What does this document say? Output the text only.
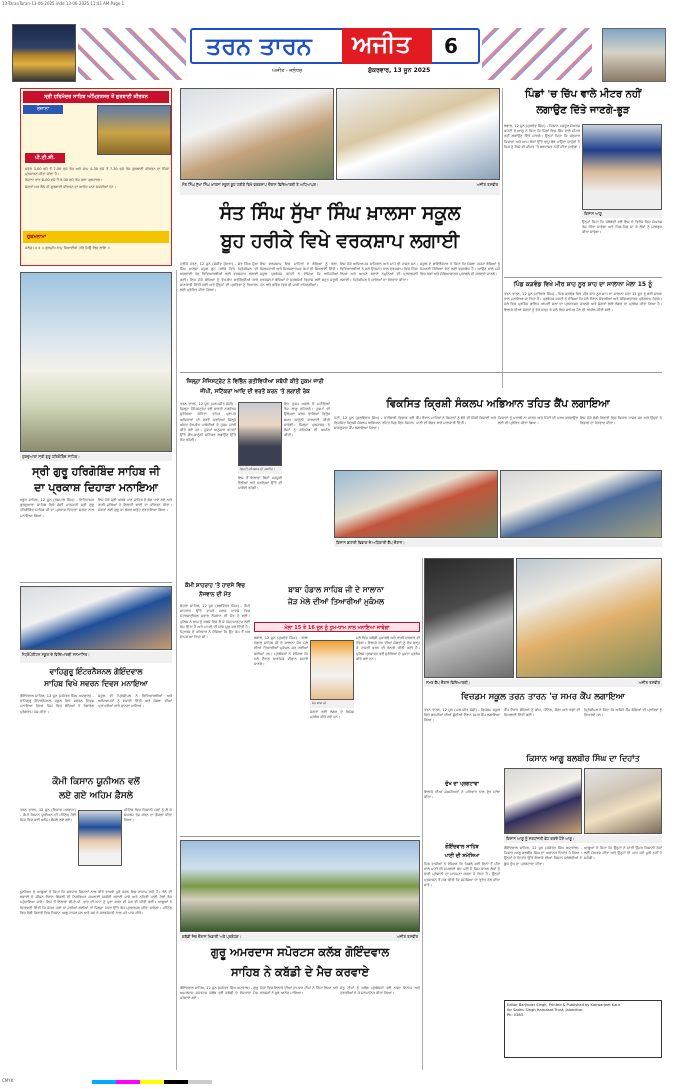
13-TaranTaran-13-06-2025.indd 13-06-2025 11:41 AM Page 1
ਤਰਨ ਤਾਰਨ ਅਜੀਤ 6
ਅਜੀਤ - ਜਲੰਧਰ	ਸ਼ੁੱਕਰਵਾਰ, 13 ਜੂਨ 2025
ਸ੍ਰੀ ਹਰਿਮੰਦਰ ਸਾਹਿਬ ਅੰਮ੍ਰਿਤਸਰ ਤੋਂ ਗੁਰਬਾਣੀ ਕੀਰਤਨ
ਰੋਜ਼ਾਨਾ
ਪੀ.ਟੀ.ਸੀ.

ਸਵੇਰੇ 3.00 ਵਜੇ ਤੋਂ 7.00 ਵਜੇ ਤੱਕ ਅਤੇ ਸ਼ਾਮ 4.30 ਵਜੇ ਤੋਂ 7.30 ਵਜੇ ਤੱਕ ਗੁਰਬਾਣੀ ਕੀਰਤਨ ਦਾ ਸਿੱਧਾ ਪ੍ਰਸਾਰਣ ਕੀਤਾ ਜਾਂਦਾ ਹੈ।

ਰੋਜ਼ਾਨਾ ਰਾਤ 8.00 ਵਜੇ ਤੋਂ 9.00 ਵਜੇ ਤੱਕ ਕਥਾ ਪ੍ਰਸਾਰਣ।

ਸੰਗਤਾਂ ਘਰ ਬੈਠੇ ਹੀ ਗੁਰਬਾਣੀ ਕੀਰਤਨ ਦਾ ਆਨੰਦ ਮਾਣ ਸਕਦੀਆਂ ਹਨ।

ਹੁਕਮਨਾਮਾ

ਸਲੋਕੁ ਮਃ ੩ ॥ ਗੁਰਮੁਖਿ ਨਾਮੁ ਧਿਆਈਐ ਹਰਿ ਸਿਉ ਲਿਵ ਲਾਇ ॥

ਸੰਤ ਸਿੰਘ ਸੁੱਖਾ ਸਿੰਘ ਖ਼ਾਲਸਾ ਸਕੂਲ ਬੂਹ ਹਰੀਕੇ ਵਿਖੇ ਵਰਕਸ਼ਾਪ ਦੌਰਾਨ ਵਿਦਿਆਰਥੀ ਤੇ ਅਧਿਆਪਕ।	ਅਜੀਤ ਤਸਵੀਰ
ਸੰਤ ਸਿੰਘ ਸੁੱਖਾ ਸਿੰਘ ਖ਼ਾਲਸਾ ਸਕੂਲ
ਬੂਹ ਹਰੀਕੇ ਵਿਖੇ ਵਰਕਸ਼ਾਪ ਲਗਾਈ

ਹਰੀਕੇ ਪੱਤਣ, 12 ਜੂਨ (ਸੰਜੀਵ ਕੁੰਦਰਾ) - ਸੰਤ ਸਿੰਘ ਸੁੱਖਾ ਸਿੰਘ ਖ਼ਾਲਸਾ ਸਕੂਲ ਬੂਹ ਹਰੀਕੇ ਵਿਖੇ ਪ੍ਰਿੰਸੀਪਲ ਦੀ ਅਗਵਾਈ ਹੇਠ ਵਿਦਿਆਰਥੀਆਂ ਲਈ ਵਰਕਸ਼ਾਪ ਲਗਾਈ ਗਈ। ਇਸ ਮੌਕੇ ਬੱਚਿਆਂ ਨੂੰ ਵੱਖ-ਵੱਖ ਗਤੀਵਿਧੀਆਂ ਬਾਰੇ ਜਾਣਕਾਰੀ ਦਿੱਤੀ ਗਈ ਅਤੇ ਉਨ੍ਹਾਂ ਦੀ ਪ੍ਰਤਿਭਾ ਨੂੰ ਨਿਖਾਰਨ ਲਈ ਪ੍ਰੇਰਿਤ ਕੀਤਾ ਗਿਆ।

ਇਸ ਵਰਕਸ਼ਾਪ ਵਿਚ ਮਾਹਿਰਾਂ ਨੇ ਬੱਚਿਆਂ ਨੂੰ ਕਲਾ, ਸ਼ਿਲਪਕਾਰੀ ਅਤੇ ਸਿਰਜਣਾਤਮਕ ਕੰਮਾਂ ਦੀ ਸਿਖਲਾਈ ਦਿੱਤੀ। ਸਕੂਲ ਪ੍ਰਬੰਧਕ ਕਮੇਟੀ ਨੇ ਦੱਸਿਆ ਕਿ ਅਜਿਹੀਆਂ ਵਰਕਸ਼ਾਪਾਂ ਬੱਚਿਆਂ ਦੇ ਸਰਬਪੱਖੀ ਵਿਕਾਸ ਲਈ ਬਹੁਤ ਜ਼ਰੂਰੀ ਹਨ ਅਤੇ ਭਵਿੱਖ ਵਿਚ ਵੀ ਜਾਰੀ ਰਹਿਣਗੀਆਂ।

ਇਸ ਮੌਕੇ ਅਧਿਆਪਕ ਸਾਹਿਬਾਨ ਅਤੇ ਮਾਪੇ ਵੀ ਹਾਜ਼ਰ ਸਨ। ਵਿਦਿਆਰਥੀਆਂ ਨੇ ਬੜੇ ਉਤਸ਼ਾਹ ਨਾਲ ਵਰਕਸ਼ਾਪ ਵਿਚ ਹਿੱਸਾ ਲਿਆ ਅਤੇ ਆਪਣੇ ਬਣਾਏ ਨਮੂਨਿਆਂ ਦੀ ਪ੍ਰਦਰਸ਼ਨੀ ਲਗਾਈ। ਪ੍ਰਿੰਸੀਪਲ ਨੇ ਸਾਰਿਆਂ ਦਾ ਧੰਨਵਾਦ ਕੀਤਾ।

ਸਕੂਲ ਦੇ ਡਾਇਰੈਕਟਰ ਨੇ ਕਿਹਾ ਕਿ ਸੰਸਥਾ ਹਮੇਸ਼ਾ ਬੱਚਿਆਂ ਨੂੰ ਮਿਆਰੀ ਸਿੱਖਿਆ ਦੇਣ ਲਈ ਵਚਨਬੱਧ ਹੈ। ਆਉਣ ਵਾਲੇ ਸਮੇਂ ਵਿਚ ਖੇਡਾਂ ਅਤੇ ਸੱਭਿਆਚਾਰਕ ਮੁਕਾਬਲੇ ਵੀ ਕਰਵਾਏ ਜਾਣਗੇ।

ਪਿੰਡਾਂ 'ਚ ਚਿੱਪ ਵਾਲੇ ਮੀਟਰ ਨਹੀਂ
ਲਗਾਉਣ ਦਿੱਤੇ ਜਾਣਗੇ-ਭੂੜ

ਝਬਾਲ, 12 ਜੂਨ (ਸੁਖਦੇਵ ਸਿੰਘ) - ਕਿਸਾਨ ਮਜ਼ਦੂਰ ਸੰਘਰਸ਼ ਕਮੇਟੀ ਦੇ ਆਗੂ ਨੇ ਕਿਹਾ ਕਿ ਪਿੰਡਾਂ ਵਿਚ ਚਿੱਪ ਵਾਲੇ ਮੀਟਰ ਨਹੀਂ ਲਗਾਉਣ ਦਿੱਤੇ ਜਾਣਗੇ। ਉਨ੍ਹਾਂ ਕਿਹਾ ਕਿ ਸਰਕਾਰ ਕਿਸਾਨਾਂ ਅਤੇ ਆਮ ਲੋਕਾਂ ਉੱਤੇ ਵਾਧੂ ਬੋਝ ਪਾਉਣਾ ਚਾਹੁੰਦੀ ਹੈ ਜਿਸ ਨੂੰ ਕਿਸੇ ਵੀ ਕੀਮਤ 'ਤੇ ਬਰਦਾਸ਼ਤ ਨਹੀਂ ਕੀਤਾ ਜਾਵੇਗਾ।

ਕਿਸਾਨ ਆਗੂ

ਉਨ੍ਹਾਂ ਕਿਹਾ ਕਿ ਜਥੇਬੰਦੀ ਵਲੋਂ ਇਸ ਦੇ ਵਿਰੋਧ ਵਿਚ ਸੰਘਰਸ਼ ਤੇਜ਼ ਕੀਤਾ ਜਾਵੇਗਾ ਅਤੇ ਪਿੰਡ-ਪਿੰਡ ਜਾ ਕੇ ਲੋਕਾਂ ਨੂੰ ਜਾਗਰੂਕ ਕੀਤਾ ਜਾਵੇਗਾ।

ਪਿੰਡ ਕੜਵੰਡ ਵਿਖੇ ਮੀਰ ਸ਼ਾਹ ਨੂਰ ਸ਼ਾਹ ਦਾ ਸਾਲਾਨਾ ਮੇਲਾ 15 ਨੂੰ

ਤਰਨ ਤਾਰਨ, 12 ਜੂਨ (ਹਰਿੰਦਰ ਸਿੰਘ) - ਪਿੰਡ ਕੜਵੰਡ ਵਿਖੇ ਮੀਰ ਸ਼ਾਹ ਨੂਰ ਸ਼ਾਹ ਦਾ ਸਾਲਾਨਾ ਮੇਲਾ 15 ਜੂਨ ਨੂੰ ਬੜੀ ਸ਼ਰਧਾ ਨਾਲ ਮਨਾਇਆ ਜਾ ਰਿਹਾ ਹੈ। ਪ੍ਰਬੰਧਕ ਕਮੇਟੀ ਨੇ ਦੱਸਿਆ ਕਿ ਮੇਲੇ ਦੌਰਾਨ ਕੱਵਾਲੀਆਂ ਅਤੇ ਸੱਭਿਆਚਾਰਕ ਪ੍ਰੋਗਰਾਮ ਹੋਣਗੇ। ਮੇਲੇ ਵਿਚ ਪ੍ਰਸਿੱਧ ਗਾਇਕ ਆਪਣੀ ਕਲਾ ਦਾ ਪ੍ਰਦਰਸ਼ਨ ਕਰਨਗੇ ਅਤੇ ਸੰਗਤਾਂ ਲਈ ਲੰਗਰ ਦਾ ਪ੍ਰਬੰਧ ਕੀਤਾ ਗਿਆ ਹੈ। ਇਲਾਕੇ ਦੀਆਂ ਸੰਗਤਾਂ ਨੂੰ ਵੱਧ ਚੜ੍ਹ ਕੇ ਮੇਲੇ ਵਿਚ ਸ਼ਾਮਿਲ ਹੋਣ ਦੀ ਅਪੀਲ ਕੀਤੀ ਗਈ।

ਗੁਰਦੁਆਰਾ ਸ੍ਰੀ ਗੁਰੂ ਹਰਿਗੋਬਿੰਦ ਸਾਹਿਬ।
ਸ੍ਰੀ ਗੁਰੂ ਹਰਿਗੋਬਿੰਦ ਸਾਹਿਬ ਜੀ
ਦਾ ਪ੍ਰਕਾਸ਼ ਦਿਹਾੜਾ ਮਨਾਇਆ

ਖਡੂਰ ਸਾਹਿਬ, 12 ਜੂਨ (ਰਸ਼ਪਾਲ ਸਿੰਘ) - ਇਤਿਹਾਸਕ ਗੁਰਦੁਆਰਾ ਸਾਹਿਬ ਵਿਖੇ ਛੇਵੀਂ ਪਾਤਸ਼ਾਹੀ ਸ੍ਰੀ ਗੁਰੂ ਹਰਿਗੋਬਿੰਦ ਸਾਹਿਬ ਜੀ ਦਾ ਪ੍ਰਕਾਸ਼ ਦਿਹਾੜਾ ਸ਼ਰਧਾ ਨਾਲ ਮਨਾਇਆ ਗਿਆ।

ਇਸ ਮੌਕੇ ਸ੍ਰੀ ਅਖੰਡ ਪਾਠ ਸਾਹਿਬ ਦੇ ਭੋਗ ਪਾਏ ਗਏ ਅਤੇ ਰਾਗੀ ਜਥਿਆਂ ਨੇ ਇਲਾਹੀ ਬਾਣੀ ਦਾ ਕੀਰਤਨ ਕੀਤਾ। ਸੰਗਤਾਂ ਲਈ ਗੁਰੂ ਕਾ ਲੰਗਰ ਅਤੁੱਟ ਵਰਤਾਇਆ ਗਿਆ।

ਜ਼ਿਲ੍ਹਾ ਮੈਜਿਸਟ੍ਰੇਟ ਨੇ ਵਿਭਿੰਨ ਗਤੀਵਿਧੀਆਂ ਸਬੰਧੀ ਕੀਤੇ ਹੁਕਮ ਜਾਰੀ
ਜੀਪੀ, ਸਟਿੱਕਰਾਂ ਆਦਿ ਦੀ ਵਰਤੋਂ ਕਰਨ 'ਤੇ ਲਗਾਈ ਰੋਕ

ਤਰਨ ਤਾਰਨ, 12 ਜੂਨ (ਪਰਮਜੀਤ ਜੋਸ਼ੀ) - ਜ਼ਿਲ੍ਹਾ ਮੈਜਿਸਟ੍ਰੇਟ ਵਲੋਂ ਭਾਰਤੀ ਨਾਗਰਿਕ ਸੁਰੱਖਿਆ ਸੰਹਿਤਾ ਤਹਿਤ ਪ੍ਰਾਪਤ ਅਧਿਕਾਰਾਂ ਦੀ ਵਰਤੋਂ ਕਰਦਿਆਂ ਜ਼ਿਲ੍ਹੇ ਅੰਦਰ ਵੱਖ-ਵੱਖ ਪਾਬੰਦੀਆਂ ਦੇ ਹੁਕਮ ਜਾਰੀ ਕੀਤੇ ਗਏ ਹਨ। ਹੁਕਮਾਂ ਅਨੁਸਾਰ ਵਾਹਨਾਂ ਉੱਤੇ ਗ਼ੈਰ-ਕਾਨੂੰਨੀ ਸਟਿੱਕਰ ਲਗਾਉਣ ਉੱਤੇ ਰੋਕ ਰਹੇਗੀ।

ਡਿਪਟੀ ਕਮਿਸ਼ਨਰ ਦੀ ਤਸਵੀਰ।

ਇਸ ਤੋਂ ਇਲਾਵਾ ਬਿਨਾਂ ਮਨਜ਼ੂਰੀ ਰੈਲੀਆਂ ਅਤੇ ਧਰਨਿਆਂ ਉੱਤੇ ਵੀ ਪਾਬੰਦੀ ਰਹੇਗੀ।

ਇਹ ਹੁਕਮ ਅਗਲੇ ਦੋ ਮਹੀਨਿਆਂ ਤੱਕ ਲਾਗੂ ਰਹਿਣਗੇ। ਹੁਕਮਾਂ ਦੀ ਉਲੰਘਣਾ ਕਰਨ ਵਾਲਿਆਂ ਵਿਰੁੱਧ ਸਖ਼ਤ ਕਾਨੂੰਨੀ ਕਾਰਵਾਈ ਕੀਤੀ ਜਾਵੇਗੀ। ਜ਼ਿਲ੍ਹਾ ਪ੍ਰਸ਼ਾਸਨ ਨੇ ਲੋਕਾਂ ਨੂੰ ਸਹਿਯੋਗ ਦੀ ਅਪੀਲ ਕੀਤੀ।

ਵਿਕਸਿਤ ਕ੍ਰਿਸ਼ੀ ਸੰਕਲਪ ਅਭਿਆਨ ਤਹਿਤ ਕੈਂਪ ਲਗਾਇਆ

ਪੱਟੀ, 12 ਜੂਨ (ਕੁਲਵਿੰਦਰ ਸਿੰਘ) - ਖੇਤੀਬਾੜੀ ਵਿਭਾਗ ਵਲੋਂ ਵਿਕਸਿਤ ਕ੍ਰਿਸ਼ੀ ਸੰਕਲਪ ਅਭਿਆਨ ਤਹਿਤ ਪਿੰਡ ਵਿਖੇ ਕਿਸਾਨ ਜਾਗਰੂਕਤਾ ਕੈਂਪ ਲਗਾਇਆ ਗਿਆ।

ਕੈਂਪ ਦੌਰਾਨ ਮਾਹਿਰਾਂ ਨੇ ਕਿਸਾਨਾਂ ਨੂੰ ਝੋਨੇ ਦੀ ਸਿੱਧੀ ਬਿਜਾਈ ਅਤੇ ਪਾਣੀ ਦੀ ਬੱਚਤ ਬਾਰੇ ਜਾਣਕਾਰੀ ਦਿੱਤੀ।

ਕਿਸਾਨਾਂ ਨੂੰ ਪਰਾਲੀ ਨਾ ਸਾੜਨ ਅਤੇ ਮਿੱਟੀ ਦੀ ਪਰਖ ਕਰਵਾਉਣ ਲਈ ਵੀ ਪ੍ਰੇਰਿਤ ਕੀਤਾ ਗਿਆ।

ਇਸ ਮੌਕੇ ਵੱਡੀ ਗਿਣਤੀ ਵਿਚ ਕਿਸਾਨ ਹਾਜ਼ਰ ਸਨ ਅਤੇ ਉਨ੍ਹਾਂ ਨੇ ਵਿਭਾਗ ਦਾ ਧੰਨਵਾਦ ਕੀਤਾ।

ਕਿਸਾਨ ਭਲਾਈ ਵਿਭਾਗ ਦੇ ਅਧਿਕਾਰੀ ਕੈਂਪ ਦੌਰਾਨ।
ਮੈਟ੍ਰੋਪੋਲੀਟਨ ਸਕੂਲ ਦੇ ਵਿਦਿਆਰਥੀ ਸਨਮਾਨਿਤ।
ਵਾਹਿਗੁਰੂ ਇੰਟਰਨੈਸ਼ਨਲ ਗੋਇੰਦਵਾਲ
ਸਾਹਿਬ ਵਿਖੇ ਸਵਰਨ ਦਿਵਸ ਮਨਾਇਆ

ਗੋਇੰਦਵਾਲ ਸਾਹਿਬ, 12 ਜੂਨ (ਸਕੱਤਰ ਸਿੰਘ ਅਟਵਾਲ) - ਵਾਹਿਗੁਰੂ ਇੰਟਰਨੈਸ਼ਨਲ ਸਕੂਲ ਵਿਖੇ ਸਵਰਨ ਦਿਵਸ ਮਨਾਇਆ ਗਿਆ ਜਿਸ ਵਿਚ ਬੱਚਿਆਂ ਨੇ ਰੰਗਾਰੰਗ ਪ੍ਰੋਗਰਾਮ ਪੇਸ਼ ਕੀਤਾ।

ਸਕੂਲ ਦੀ ਪ੍ਰਿੰਸੀਪਲ ਨੇ ਵਿਦਿਆਰਥੀਆਂ ਅਤੇ ਅਧਿਆਪਕਾਂ ਨੂੰ ਵਧਾਈ ਦਿੱਤੀ ਅਤੇ ਸੰਸਥਾ ਦੀਆਂ ਪ੍ਰਾਪਤੀਆਂ ਬਾਰੇ ਚਾਨਣਾ ਪਾਇਆ।

ਕੌਮੀ ਸ਼ਾਹਰਾਹ 'ਤੇ ਹਾਦਸੇ ਵਿਚ
ਨੌਜਵਾਨ ਦੀ ਮੌਤ

ਚੋਹਲਾ ਸਾਹਿਬ, 12 ਜੂਨ (ਬਲਵਿੰਦਰ ਸਿੰਘ) - ਕੌਮੀ ਸ਼ਾਹਰਾਹ ਉੱਤੇ ਵਾਪਰੇ ਸੜਕ ਹਾਦਸੇ ਵਿਚ ਮੋਟਰਸਾਈਕਲ ਸਵਾਰ ਨੌਜਵਾਨ ਦੀ ਮੌਤ ਹੋ ਗਈ। ਪੁਲਿਸ ਨੇ ਲਾਸ਼ ਨੂੰ ਕਬਜ਼ੇ ਵਿਚ ਲੈ ਕੇ ਪੋਸਟਮਾਰਟਮ ਲਈ ਭੇਜ ਦਿੱਤਾ ਹੈ ਅਤੇ ਮਾਮਲੇ ਦੀ ਜਾਂਚ ਸ਼ੁਰੂ ਕਰ ਦਿੱਤੀ ਹੈ। ਮ੍ਰਿਤਕ ਦੇ ਪਰਿਵਾਰ ਨੇ ਦੱਸਿਆ ਕਿ ਉਹ ਕੰਮ ਤੋਂ ਘਰ ਵਾਪਸ ਆ ਰਿਹਾ ਸੀ।

ਬਾਬਾ ਹੰਡਾਲ ਸਾਹਿਬ ਜੀ ਦੇ ਸਾਲਾਨਾ
ਜੋੜ ਮੇਲੇ ਦੀਆਂ ਤਿਆਰੀਆਂ ਮੁਕੰਮਲ
ਮੇਲਾ 15 ਤੇ 16 ਜੂਨ ਨੂੰ ਧੂਮ-ਧਾਮ ਨਾਲ ਮਨਾਇਆ ਜਾਵੇਗਾ

ਝਬਾਲ, 12 ਜੂਨ (ਸੁਖਦੇਵ ਸਿੰਘ) - ਬਾਬਾ ਹੰਡਾਲ ਸਾਹਿਬ ਜੀ ਦੇ ਸਾਲਾਨਾ ਜੋੜ ਮੇਲੇ ਦੀਆਂ ਤਿਆਰੀਆਂ ਮੁਕੰਮਲ ਕਰ ਲਈਆਂ ਗਈਆਂ ਹਨ। ਪ੍ਰਬੰਧਕਾਂ ਨੇ ਦੱਸਿਆ ਕਿ ਮੇਲੇ ਦੌਰਾਨ ਧਾਰਮਿਕ ਦੀਵਾਨ ਸਜਾਏ ਜਾਣਗੇ।

ਸੰਤ ਬਾਬਾ ਜੀ

ਸੰਗਤਾਂ ਲਈ ਲੰਗਰ ਦੇ ਵਿਸ਼ੇਸ਼ ਪ੍ਰਬੰਧ ਕੀਤੇ ਗਏ ਹਨ।

ਮੇਲੇ ਵਿਚ ਕਬੱਡੀ ਮੁਕਾਬਲੇ ਅਤੇ ਢਾਡੀ ਦਰਬਾਰ ਵੀ ਹੋਵੇਗਾ। ਇਲਾਕੇ ਭਰ ਦੀਆਂ ਸੰਗਤਾਂ ਨੂੰ ਵੱਧ ਚੜ੍ਹ ਕੇ ਹਾਜ਼ਰੀ ਭਰਨ ਦੀ ਬੇਨਤੀ ਕੀਤੀ ਗਈ ਹੈ। ਪੁਲਿਸ ਪ੍ਰਸ਼ਾਸਨ ਵਲੋਂ ਸੁਰੱਖਿਆ ਦੇ ਪੁਖ਼ਤਾ ਪ੍ਰਬੰਧ ਕੀਤੇ ਗਏ ਹਨ।

ਸਮਰ ਕੈਂਪ ਦੌਰਾਨ ਵਿਦਿਆਰਥੀ।	ਅਜੀਤ ਤਸਵੀਰ
ਵਿਜ਼ਡਮ ਸਕੂਲ ਤਰਨ ਤਾਰਨ 'ਚ ਸਮਰ ਕੈਂਪ ਲਗਾਇਆ

ਤਰਨ ਤਾਰਨ, 12 ਜੂਨ (ਪਰਮਜੀਤ ਜੋਸ਼ੀ) - ਵਿਜ਼ਡਮ ਸਕੂਲ ਵਿਖੇ ਗਰਮੀਆਂ ਦੀਆਂ ਛੁੱਟੀਆਂ ਦੌਰਾਨ ਸਮਰ ਕੈਂਪ ਲਗਾਇਆ ਗਿਆ।

ਕੈਂਪ ਦੌਰਾਨ ਬੱਚਿਆਂ ਨੂੰ ਡਾਂਸ, ਪੇਂਟਿੰਗ, ਯੋਗਾ ਅਤੇ ਖੇਡਾਂ ਦੀ ਸਿਖਲਾਈ ਦਿੱਤੀ ਗਈ।

ਪ੍ਰਿੰਸੀਪਲ ਨੇ ਕਿਹਾ ਕਿ ਅਜਿਹੇ ਕੈਂਪ ਬੱਚਿਆਂ ਦੀ ਪ੍ਰਤਿਭਾ ਨੂੰ ਨਿਖਾਰਦੇ ਹਨ।

ਕਿਸਾਨ ਆਗੂ ਬਲਬੀਰ ਸਿੰਘ ਦਾ ਦਿਹਾਂਤ
ਕਿਸਾਨ ਆਗੂ ਨੂੰ ਸ਼ਰਧਾਂਜਲੀ ਭੇਟ ਕਰਦੇ ਹੋਏ ਆਗੂ।
ਗੋਇੰਦਵਾਲ ਸਾਹਿਬ	ਗੋਇੰਦਵਾਲ ਸਾਹਿਬ, 12 ਜੂਨ (ਸਕੱਤਰ ਸਿੰਘ ਅਟਵਾਲ) - ਕਿਸਾਨ ਆਗੂ ਬਲਬੀਰ ਸਿੰਘ ਦਾ ਅਚਾਨਕ ਦਿਹਾਂਤ ਹੋ ਗਿਆ। ਉਨ੍ਹਾਂ ਦੇ ਦਿਹਾਂਤ ਉੱਤੇ ਇਲਾਕੇ ਦੀਆਂ ਕਿਸਾਨ ਜਥੇਬੰਦੀਆਂ ਨੇ ਡੂੰਘੇ ਦੁੱਖ ਦਾ ਪ੍ਰਗਟਾਵਾ ਕੀਤਾ।

ਆਗੂਆਂ ਨੇ ਕਿਹਾ ਕਿ ਉਨ੍ਹਾਂ ਨੇ ਸਾਰੀ ਉਮਰ ਕਿਸਾਨੀ ਹੱਕਾਂ ਲਈ ਸੰਘਰਸ਼ ਕੀਤਾ ਅਤੇ ਉਨ੍ਹਾਂ ਦੀ ਘਾਟ ਕਦੇ ਪੂਰੀ ਨਹੀਂ ਹੋ ਸਕੇਗੀ।

ਕੌਮੀ ਕਿਸਾਨ ਯੂਨੀਅਨ ਵਲੋਂ
ਲਏ ਗਏ ਅਹਿਮ ਫ਼ੈਸਲੇ

ਤਰਨ ਤਾਰਨ, 12 ਜੂਨ (ਵਿਕਾਸ ਮਰਵਾਹਾ) - ਕੌਮੀ ਕਿਸਾਨ ਯੂਨੀਅਨ ਦੀ ਮੀਟਿੰਗ ਹੋਈ ਜਿਸ ਵਿਚ ਕਈ ਅਹਿਮ ਫ਼ੈਸਲੇ ਲਏ ਗਏ।

ਮੀਟਿੰਗ ਵਿਚ ਕਿਸਾਨੀ ਮੰਗਾਂ ਨੂੰ ਲੈ ਕੇ ਸੰਘਰਸ਼ ਤੇਜ਼ ਕਰਨ ਦਾ ਫ਼ੈਸਲਾ ਕੀਤਾ ਗਿਆ।

ਯੂਨੀਅਨ ਦੇ ਆਗੂਆਂ ਨੇ ਕਿਹਾ ਕਿ ਸਰਕਾਰ ਕਿਸਾਨਾਂ ਨਾਲ ਕੀਤੇ ਵਾਅਦੇ ਪੂਰੇ ਕਰਨ ਵਿਚ ਨਾਕਾਮ ਰਹੀ ਹੈ। ਝੋਨੇ ਦੀ ਲਵਾਈ ਦੇ ਸੀਜ਼ਨ ਦੌਰਾਨ ਬਿਜਲੀ ਦੀ ਨਿਰਵਿਘਨ ਸਪਲਾਈ ਯਕੀਨੀ ਬਣਾਈ ਜਾਵੇ ਅਤੇ ਨਹਿਰੀ ਪਾਣੀ ਟੇਲਾਂ ਤੱਕ ਪਹੁੰਚਾਇਆ ਜਾਵੇ। ਇਸ ਤੋਂ ਇਲਾਵਾ ਡੀ.ਏ.ਪੀ. ਖਾਦ ਦੀ ਘਾਟ ਨੂੰ ਪੂਰਾ ਕਰਨ ਦੀ ਮੰਗ ਵੀ ਕੀਤੀ ਗਈ। ਆਗੂਆਂ ਨੇ ਚਿਤਾਵਨੀ ਦਿੱਤੀ ਕਿ ਜੇਕਰ ਮੰਗਾਂ ਨਾ ਮੰਨੀਆਂ ਗਈਆਂ ਤਾਂ ਜ਼ਿਲ੍ਹਾ ਪੱਧਰ ਉੱਤੇ ਰੋਸ ਪ੍ਰਦਰਸ਼ਨ ਕੀਤਾ ਜਾਵੇਗਾ। ਮੀਟਿੰਗ ਵਿਚ ਵੱਡੀ ਗਿਣਤੀ ਵਿਚ ਕਿਸਾਨ ਆਗੂ ਹਾਜ਼ਰ ਸਨ ਅਤੇ ਸਭ ਨੇ ਸਰਬਸੰਮਤੀ ਨਾਲ ਮਤੇ ਪਾਸ ਕੀਤੇ।

ਕਬੱਡੀ ਮੈਚ ਦੌਰਾਨ ਖਿਡਾਰੀ ਅਤੇ ਪ੍ਰਬੰਧਕ।	ਅਜੀਤ ਤਸਵੀਰ
ਗੁਰੂ ਅਮਰਦਾਸ ਸਪੋਰਟਸ ਕਲੱਬ ਗੋਇੰਦਵਾਲ
ਸਾਹਿਬ ਨੇ ਕਬੱਡੀ ਦੇ ਮੈਚ ਕਰਵਾਏ

ਗੋਇੰਦਵਾਲ ਸਾਹਿਬ, 12 ਜੂਨ (ਸਕੱਤਰ ਸਿੰਘ ਅਟਵਾਲ) - ਗੁਰੂ ਅਮਰਦਾਸ ਸਪੋਰਟਸ ਕਲੱਬ ਵਲੋਂ ਕਬੱਡੀ ਦੇ ਦੋਸਤਾਨਾ ਮੈਚ ਕਰਵਾਏ ਗਏ।

ਮੈਚਾਂ ਵਿਚ ਇਲਾਕੇ ਦੀਆਂ ਨਾਮਵਰ ਟੀਮਾਂ ਨੇ ਹਿੱਸਾ ਲਿਆ ਅਤੇ ਦਰਸ਼ਕਾਂ ਨੇ ਖ਼ੂਬ ਆਨੰਦ ਮਾਣਿਆ।

ਜੇਤੂ ਟੀਮਾਂ ਨੂੰ ਕਲੱਬ ਪ੍ਰਬੰਧਕਾਂ ਵਲੋਂ ਨਕਦ ਇਨਾਮ ਅਤੇ ਟਰਾਫ਼ੀਆਂ ਦੇ ਕੇ ਸਨਮਾਨਿਤ ਕੀਤਾ ਗਿਆ।

ਦੁੱਖ ਦਾ ਪ੍ਰਗਟਾਵਾ

ਇਲਾਕੇ ਦੀਆਂ ਸ਼ਖ਼ਸੀਅਤਾਂ ਨੇ ਪਰਿਵਾਰ ਨਾਲ ਦੁੱਖ ਸਾਂਝਾ ਕੀਤਾ।

ਪਾਣੀ ਦੀ ਸਮੱਸਿਆ

ਪਿੰਡ ਵਾਸੀਆਂ ਨੇ ਦੱਸਿਆ ਕਿ ਪਿਛਲੇ ਕਈ ਦਿਨਾਂ ਤੋਂ ਪੀਣ ਵਾਲੇ ਪਾਣੀ ਦੀ ਸਪਲਾਈ ਬੰਦ ਪਈ ਹੈ ਜਿਸ ਕਾਰਨ ਲੋਕਾਂ ਨੂੰ ਭਾਰੀ ਪ੍ਰੇਸ਼ਾਨੀ ਦਾ ਸਾਹਮਣਾ ਕਰਨਾ ਪੈ ਰਿਹਾ ਹੈ। ਉਨ੍ਹਾਂ ਪ੍ਰਸ਼ਾਸਨ ਤੋਂ ਮੰਗ ਕੀਤੀ ਕਿ ਸਮੱਸਿਆ ਦਾ ਤੁਰੰਤ ਹੱਲ ਕੀਤਾ ਜਾਵੇ।

Editor Barjinder Singh, Printed & Published by Kanwarjeet Kaur
for Sadhu Singh Hamdard Trust, Jalandhar
Ph: 0183
CMYK
